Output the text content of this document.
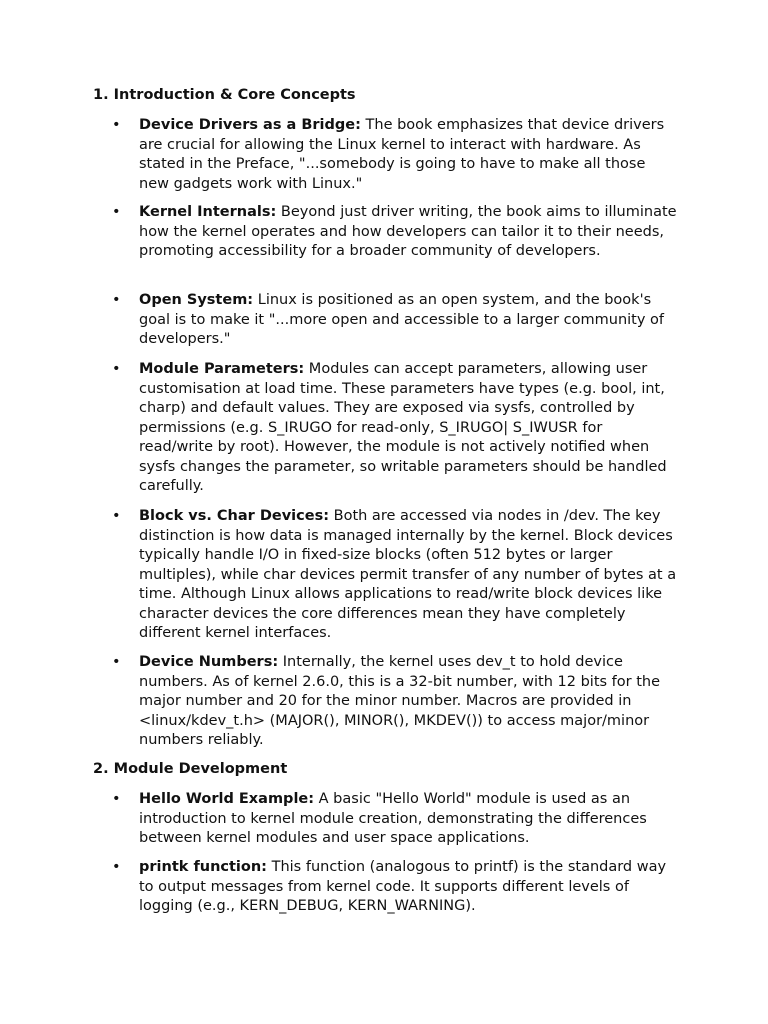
1. Introduction & Core Concepts
• Device Drivers as a Bridge: The book emphasizes that device drivers are crucial for allowing the Linux kernel to interact with hardware. As stated in the Preface, "...somebody is going to have to make all those new gadgets work with Linux."

• Kernel Internals: Beyond just driver writing, the book aims to illuminate how the kernel operates and how developers can tailor it to their needs, promoting accessibility for a broader community of developers.

• Open System: Linux is positioned as an open system, and the book's goal is to make it "...more open and accessible to a larger community of developers."

• Module Parameters: Modules can accept parameters, allowing user customisation at load time. These parameters have types (e.g. bool, int, charp) and default values. They are exposed via sysfs, controlled by permissions (e.g. S_IRUGO for read-only, S_IRUGO| S_IWUSR for read/write by root). However, the module is not actively notified when sysfs changes the parameter, so writable parameters should be handled carefully.

• Block vs. Char Devices: Both are accessed via nodes in /dev. The key distinction is how data is managed internally by the kernel. Block devices typically handle I/O in fixed-size blocks (often 512 bytes or larger multiples), while char devices permit transfer of any number of bytes at a time. Although Linux allows applications to read/write block devices like character devices the core differences mean they have completely different kernel interfaces.

• Device Numbers: Internally, the kernel uses dev_t to hold device numbers. As of kernel 2.6.0, this is a 32-bit number, with 12 bits for the major number and 20 for the minor number. Macros are provided in <linux/kdev_t.h> (MAJOR(), MINOR(), MKDEV()) to access major/minor numbers reliably.

2. Module Development
• Hello World Example: A basic "Hello World" module is used as an introduction to kernel module creation, demonstrating the differences between kernel modules and user space applications.

• printk function: This function (analogous to printf) is the standard way to output messages from kernel code. It supports different levels of logging (e.g., KERN_DEBUG, KERN_WARNING).
